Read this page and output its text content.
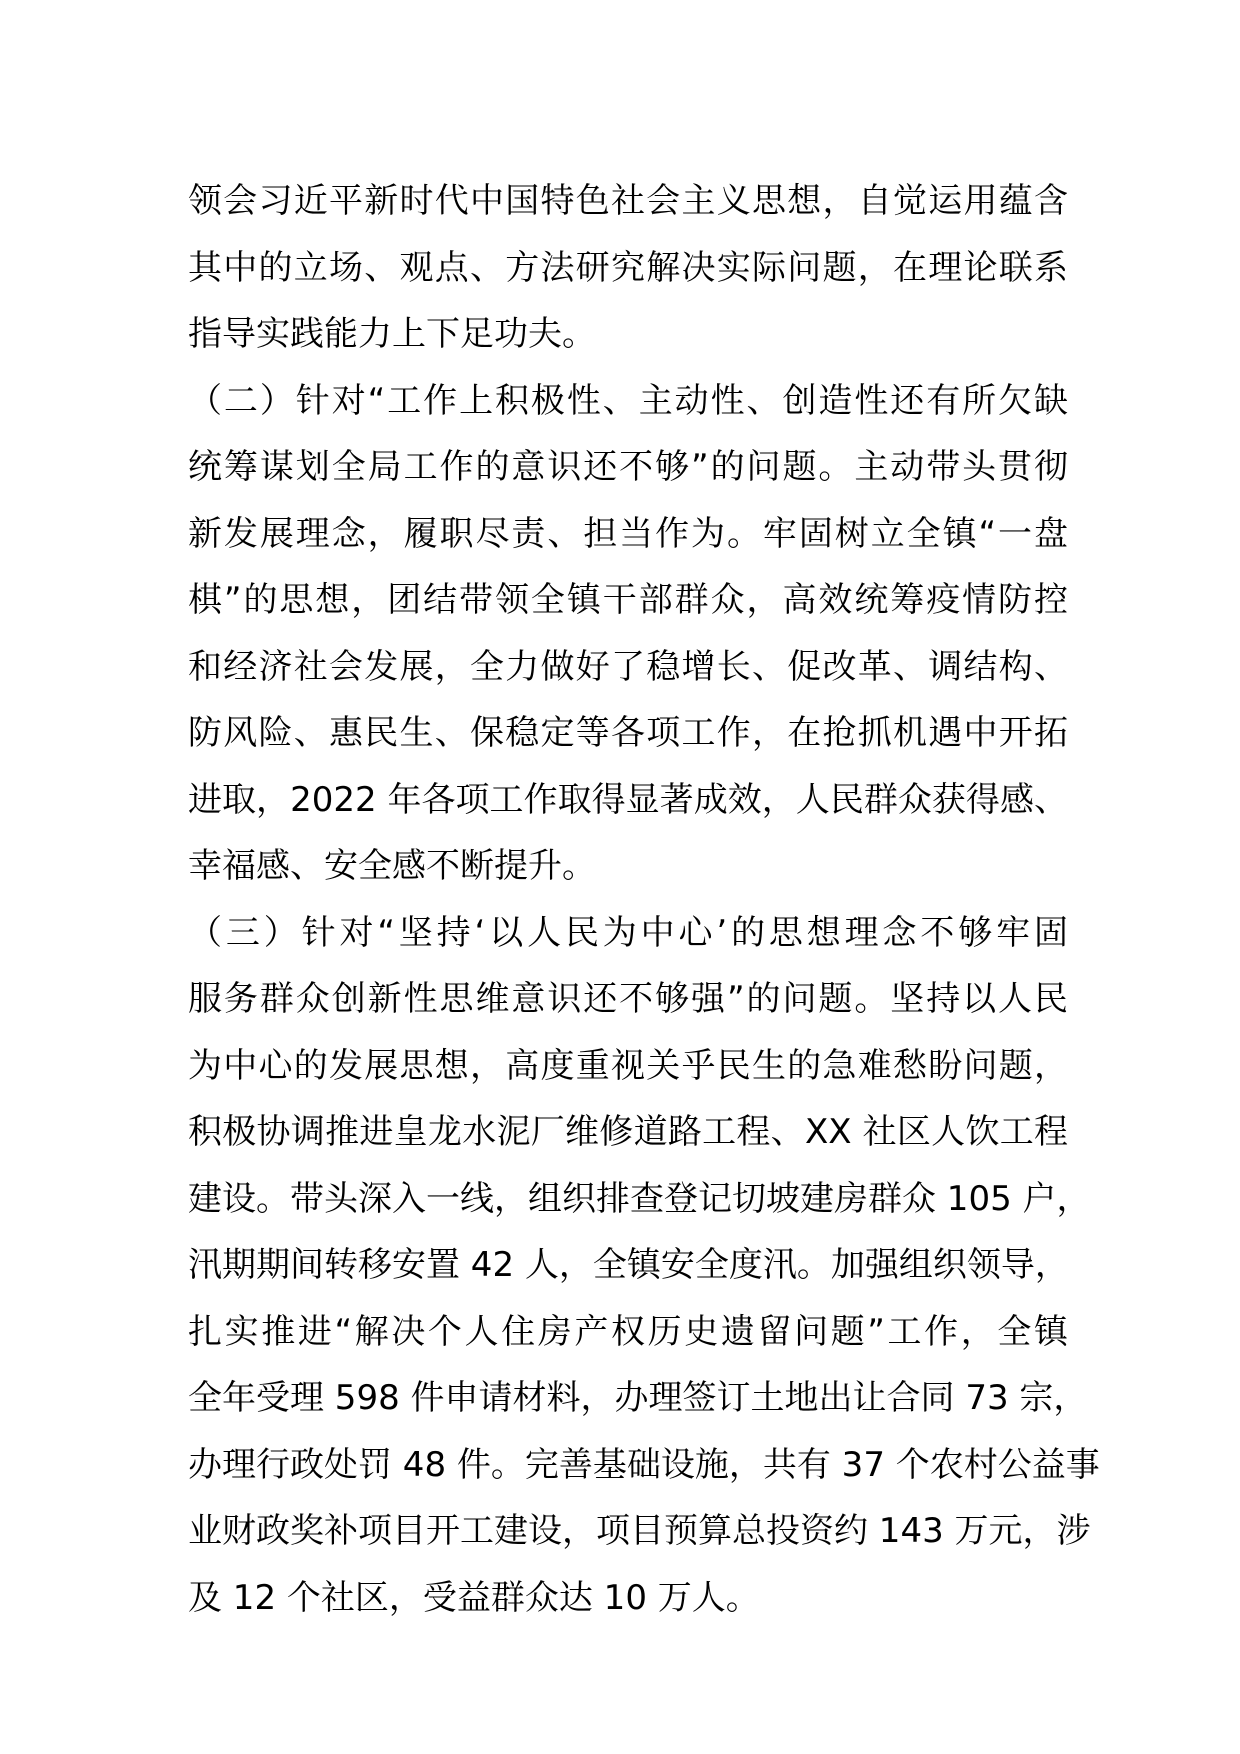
领会习近平新时代中国特色社会主义思想，自觉运用蕴含
其中的立场、观点、方法研究解决实际问题，在理论联系
指导实践能力上下足功夫。
（二）针对“工作上积极性、主动性、创造性还有所欠缺
统筹谋划全局工作的意识还不够”的问题。主动带头贯彻
新发展理念，履职尽责、担当作为。牢固树立全镇“一盘
棋”的思想，团结带领全镇干部群众，高效统筹疫情防控
和经济社会发展，全力做好了稳增长、促改革、调结构、
防风险、惠民生、保稳定等各项工作，在抢抓机遇中开拓
进取，2022 年各项工作取得显著成效，人民群众获得感、
幸福感、安全感不断提升。
（三）针对“坚持‘以人民为中心’的思想理念不够牢固
服务群众创新性思维意识还不够强”的问题。坚持以人民
为中心的发展思想，高度重视关乎民生的急难愁盼问题，
积极协调推进皇龙水泥厂维修道路工程、XX 社区人饮工程
建设。带头深入一线，组织排查登记切坡建房群众 105 户，
汛期期间转移安置 42 人，全镇安全度汛。加强组织领导，
扎实推进“解决个人住房产权历史遗留问题”工作，全镇
全年受理 598 件申请材料，办理签订土地出让合同 73 宗，
办理行政处罚 48 件。完善基础设施，共有 37 个农村公益事
业财政奖补项目开工建设，项目预算总投资约 143 万元，涉
及 12 个社区，受益群众达 10 万人。
